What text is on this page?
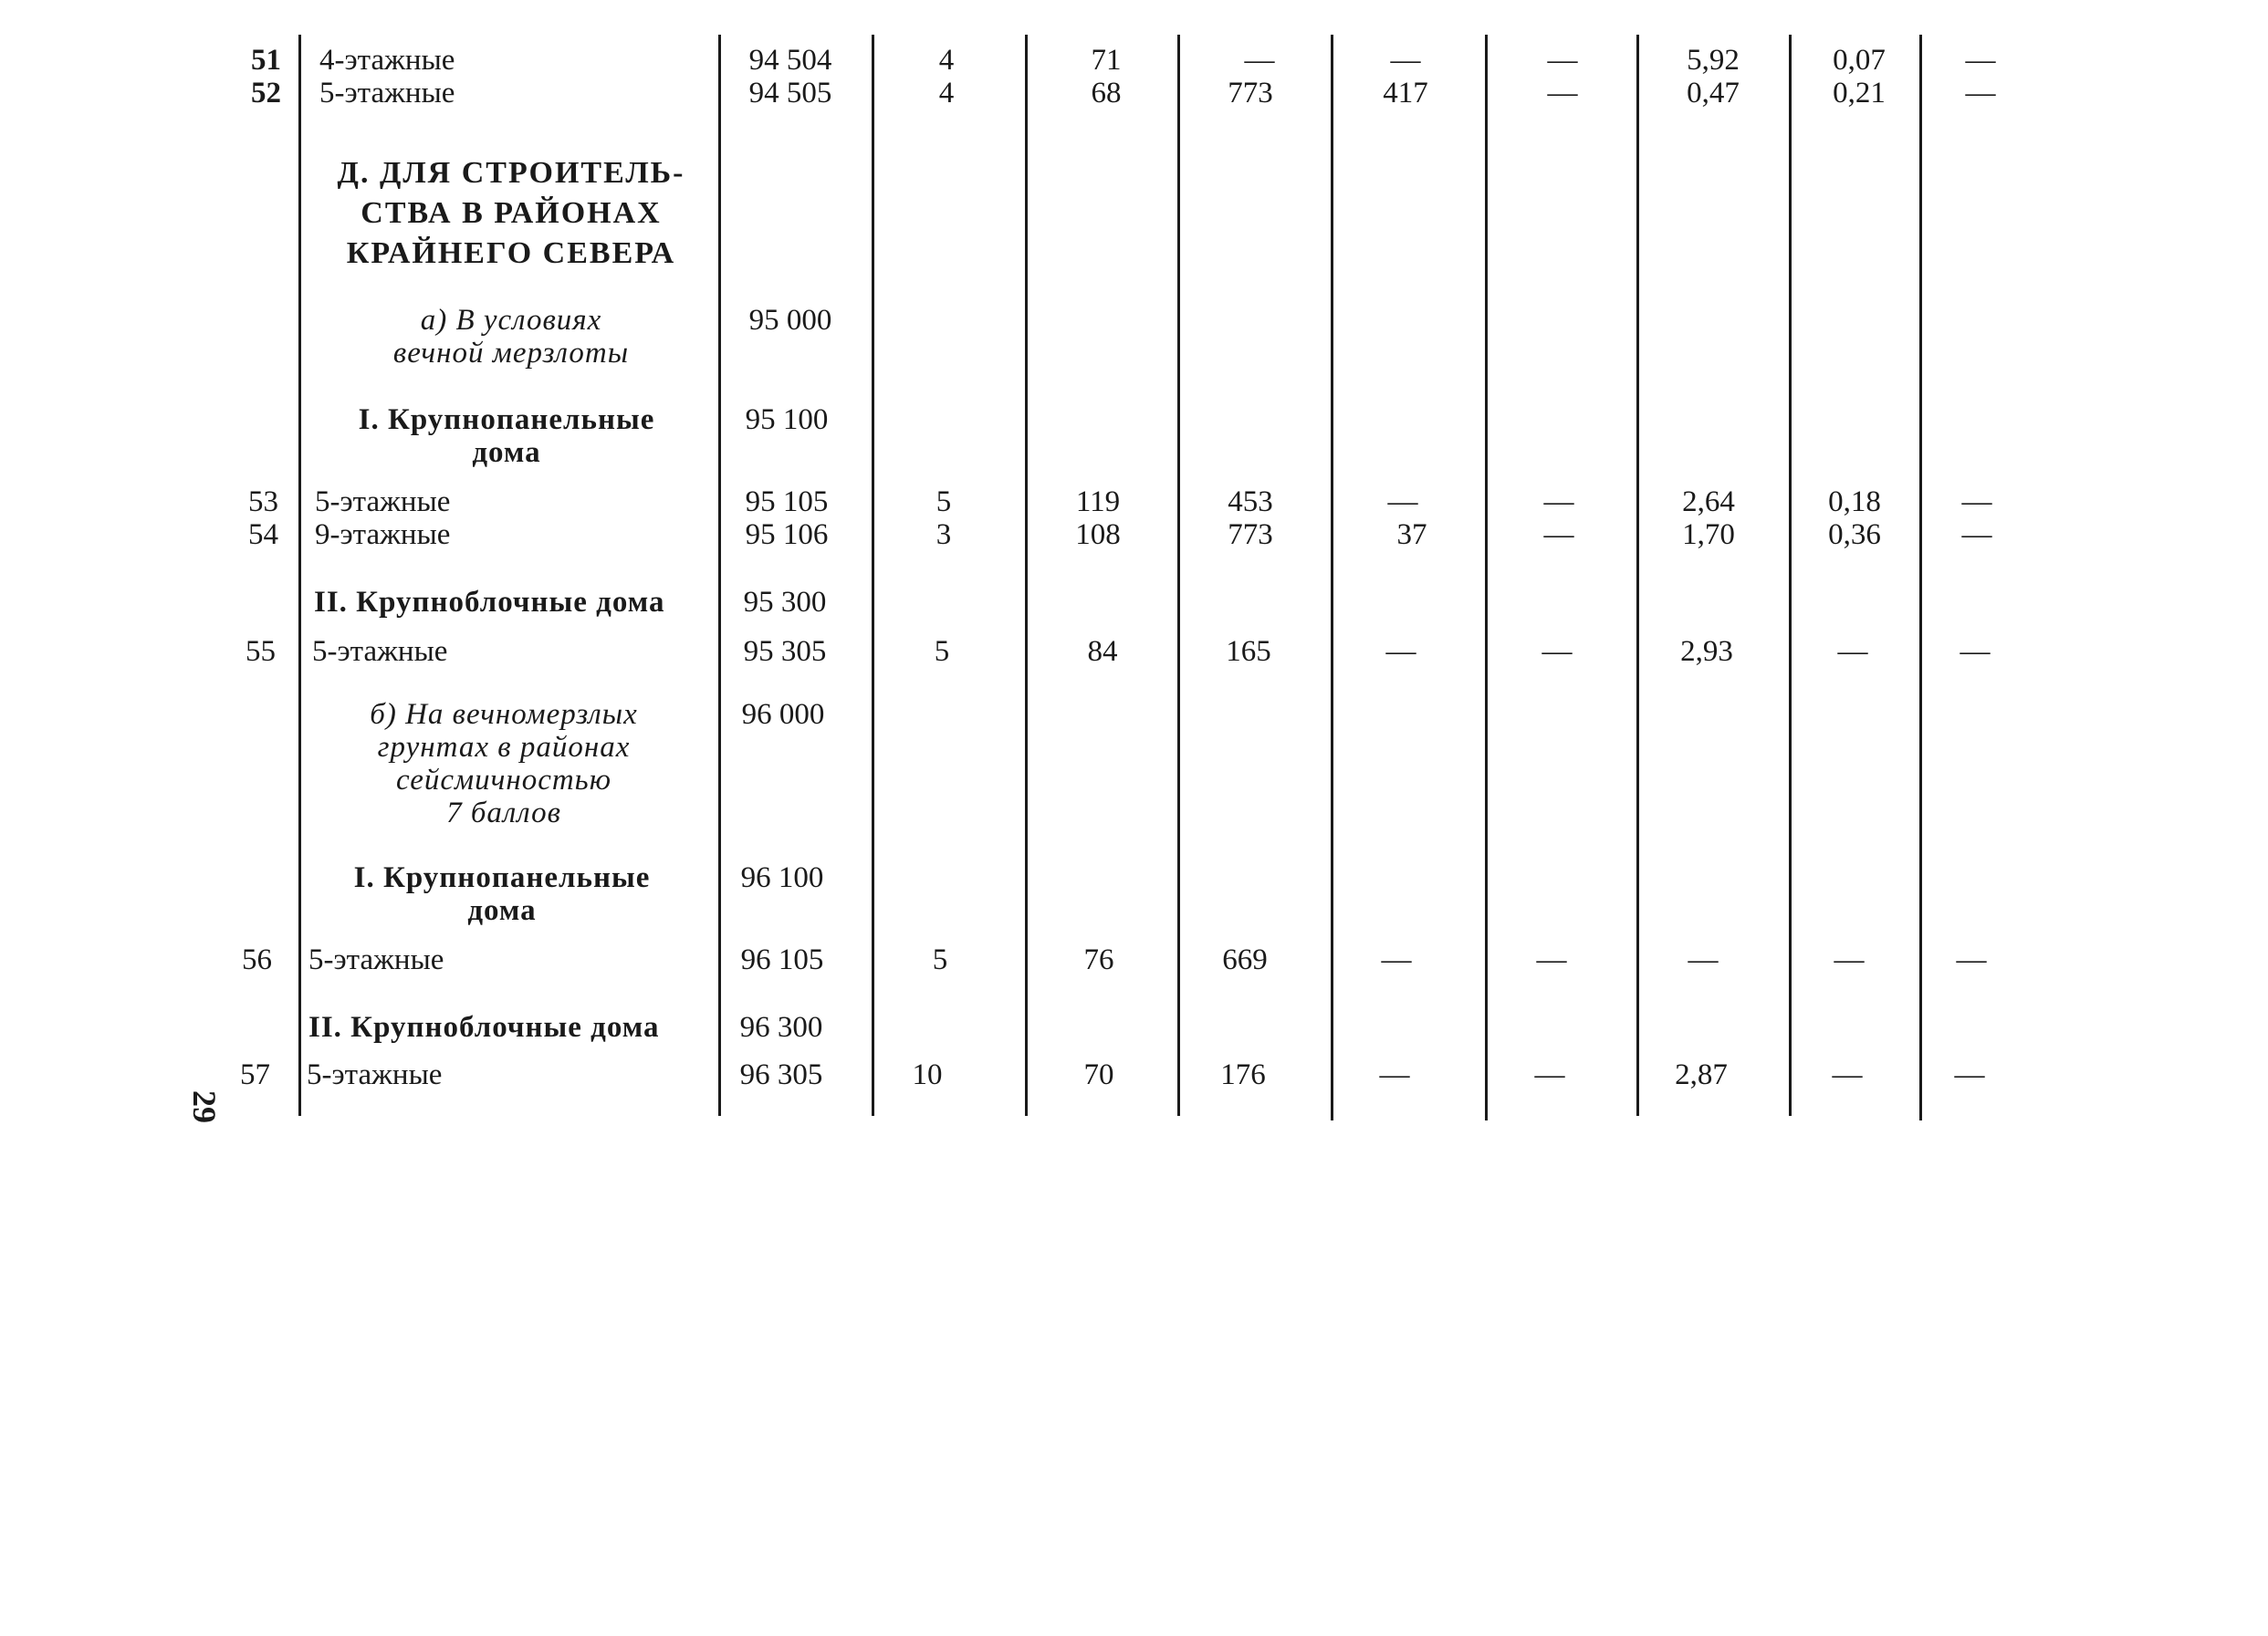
29
51 4-этажные	94 504	4	71	—	—	—	5,92	0,07	—
52 5-этажные	94 505	4	68	773	417	—	0,47	0,21	—
Д. ДЛЯ СТРОИТЕЛЬ-
СТВА В РАЙОНАХ
КРАЙНЕГО СЕВЕРА
а) В условиях
вечной мерзлоты
95 000
I. Крупнопанельные
дома
95 100
53 5-этажные	95 105	5	119	453	—	—	2,64	0,18	—
54 9-этажные	95 106	3	108	773	37	—	1,70	0,36	—
II. Крупноблочные дома	95 300
55 5-этажные	95 305	5	84	165	—	—	2,93	—	—
б) На вечномерзлых
грунтах в районах
сейсмичностью
7 баллов
96 000
I. Крупнопанельные
дома
96 100
56 5-этажные	96 105	5	76	669	—	—	—	—	—
II. Крупноблочные дома	96 300
57 5-этажные	96 305	10	70	176	—	—	2,87	—	—
